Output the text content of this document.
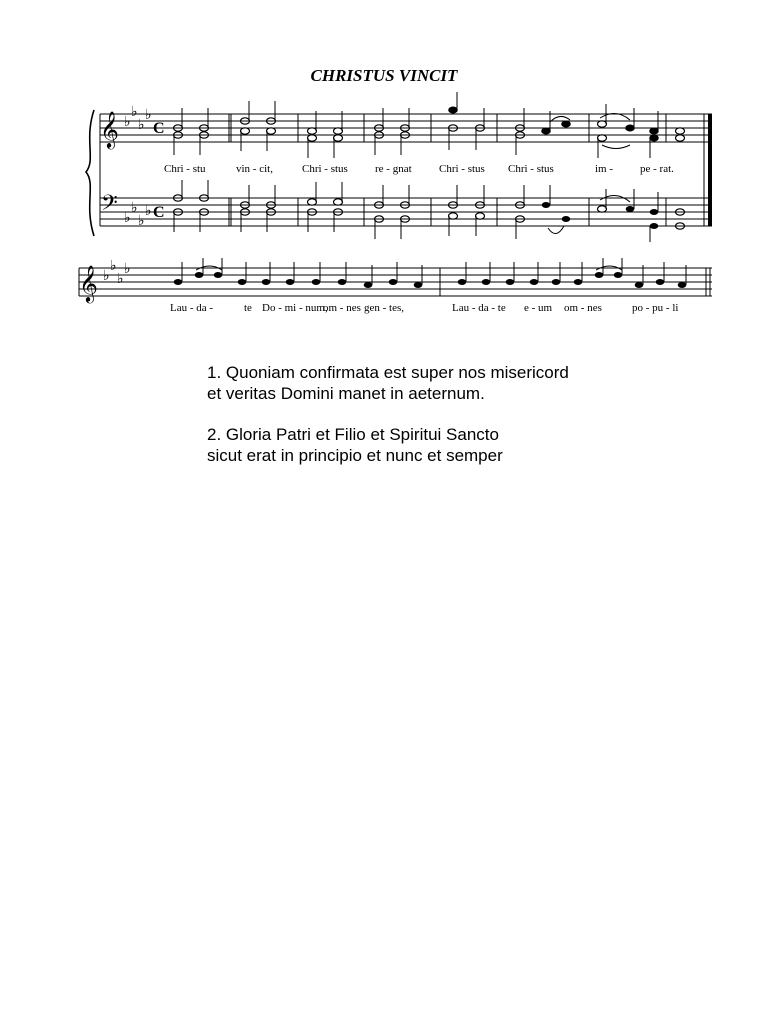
CHRISTUS VINCIT
𝄞
𝄢
♭
♭
♭
♭
♭
♭
♭
♭
C
C
Chri - stu	vin - cit,	Chri - stus re - gnat Chri - stus Chri - stus	im - pe - rat.
𝄞 ♭
♭
♭
♭
Lau - da -	te Do - mi - num,
om - nes gen - tes,	Lau - da - te e - um om - nes	po - pu - li
1. Quoniam confirmata est super nos misericord
et veritas Domini manet in aeternum.
2. Gloria Patri et Filio et Spiritui Sancto
sicut erat in principio et nunc et semper
